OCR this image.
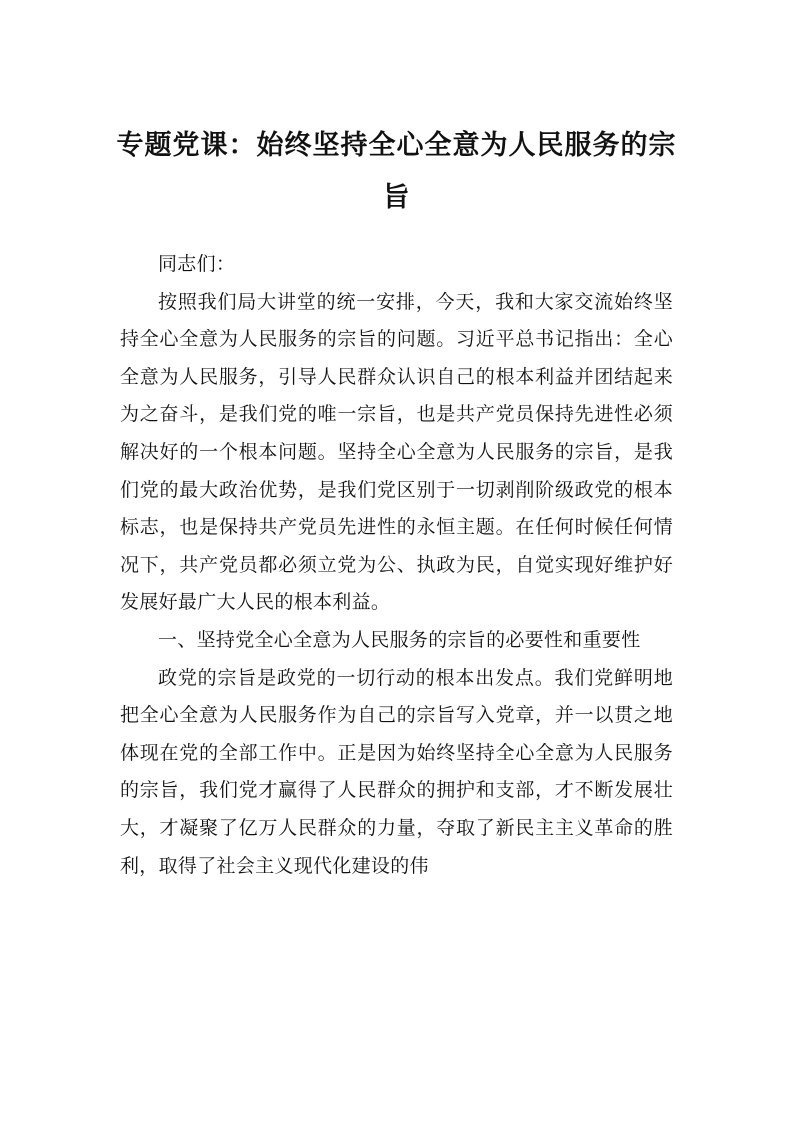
专题党课：始终坚持全心全意为人民服务的宗旨

同志们：

按照我们局大讲堂的统一安排，今天，我和大家交流始终坚持全心全意为人民服务的宗旨的问题。习近平总书记指出：全心全意为人民服务，引导人民群众认识自己的根本利益并团结起来为之奋斗，是我们党的唯一宗旨，也是共产党员保持先进性必须解决好的一个根本问题。坚持全心全意为人民服务的宗旨，是我们党的最大政治优势，是我们党区别于一切剥削阶级政党的根本标志，也是保持共产党员先进性的永恒主题。在任何时候任何情况下，共产党员都必须立党为公、执政为民，自觉实现好维护好发展好最广大人民的根本利益。

一、坚持党全心全意为人民服务的宗旨的必要性和重要性

政党的宗旨是政党的一切行动的根本出发点。我们党鲜明地把全心全意为人民服务作为自己的宗旨写入党章，并一以贯之地体现在党的全部工作中。正是因为始终坚持全心全意为人民服务的宗旨，我们党才赢得了人民群众的拥护和支部，才不断发展壮大，才凝聚了亿万人民群众的力量，夺取了新民主主义革命的胜利，取得了社会主义现代化建设的伟
